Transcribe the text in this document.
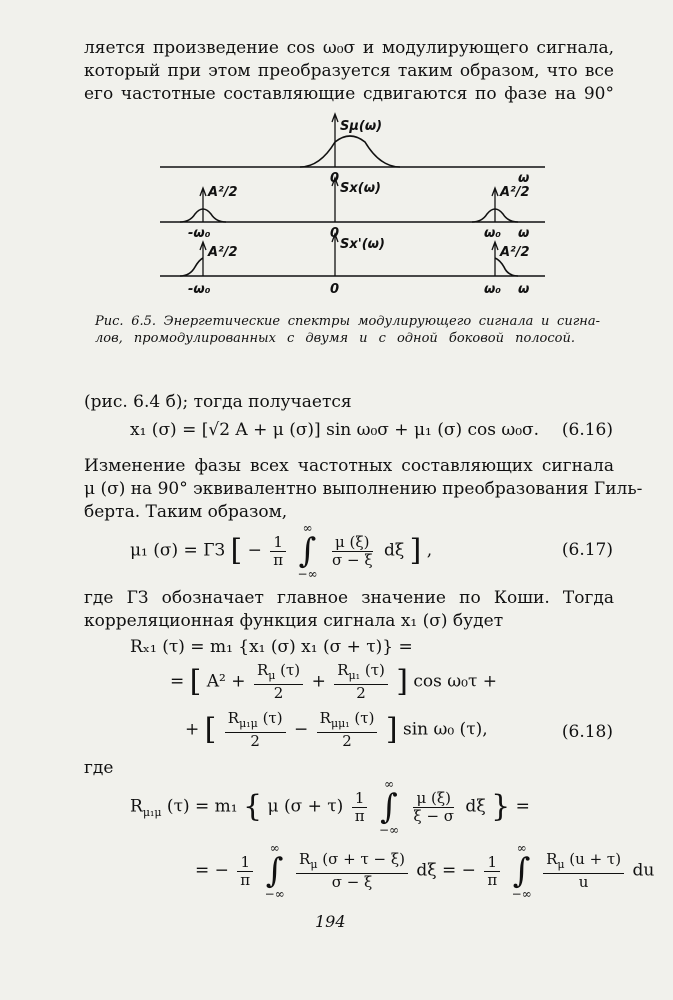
ляется произведение cos ω₀σ и модулирующего сигнала,
который при этом преобразуется таким образом, что все
его частотные составляющие сдвигаются по фазе на 90°
Sμ(ω)
0	ω
A²/2	A²/2
Sx(ω)
-ω₀	0	ω₀ ω
A²/2	A²/2
Sx'(ω)
-ω₀	0	ω₀ ω
Рис. 6.5. Энергетические спектры модулирующего сигнала и сигна-
лов, промодулированных с двумя и с одной боковой полосой.
(рис. 6.4 б); тогда получается
x₁ (σ) = [√2 A + μ (σ)] sin ω₀σ + μ₁ (σ) cos ω₀σ. (6.16)
Изменение фазы всех частотных составляющих сигнала
μ (σ) на 90° эквивалентно выполнению преобразования Гиль-
берта. Таким образом,
μ₁ (σ) = ГЗ [ − $\frac{1}{\pi}$

∞
∫
−∞

$\frac{\mu (\xi)}{\sigma - \xi}$ dξ ] ,	(6.17)
где ГЗ обозначает главное значение по Коши. Тогда
корреляционная функция сигнала x₁ (σ) будет
Rₓ₁ (τ) = m₁ {x₁ (σ) x₁ (σ + τ)} =
= [ $A^2 + \frac{R_\mu (\tau)}{2} + \frac{R_{\mu_1} (\tau)}{2}$ ] cos ω₀τ +
+ [ $\frac{R_{\mu_1\mu} (\tau)}{2} - \frac{R_{\mu\mu_1} (\tau)}{2}$ ] sin ω₀ (τ),	(6.18)
где
$R_{\mu_1\mu}$ (τ) = m₁ { μ $(\sigma + \tau) \frac{1}{\pi}$

∞
∫
−∞

$\frac{\mu (\xi)}{\xi - \sigma}$ dξ } =
= − $\frac{1}{\pi}$

∞
∫
−∞

$\frac{R_\mu (\sigma + \tau - \xi)}{\sigma - \xi}$ dξ = − $\frac{1}{\pi}$

∞
∫
−∞

$\frac{R_\mu (u + \tau)}{u}$ du
194
